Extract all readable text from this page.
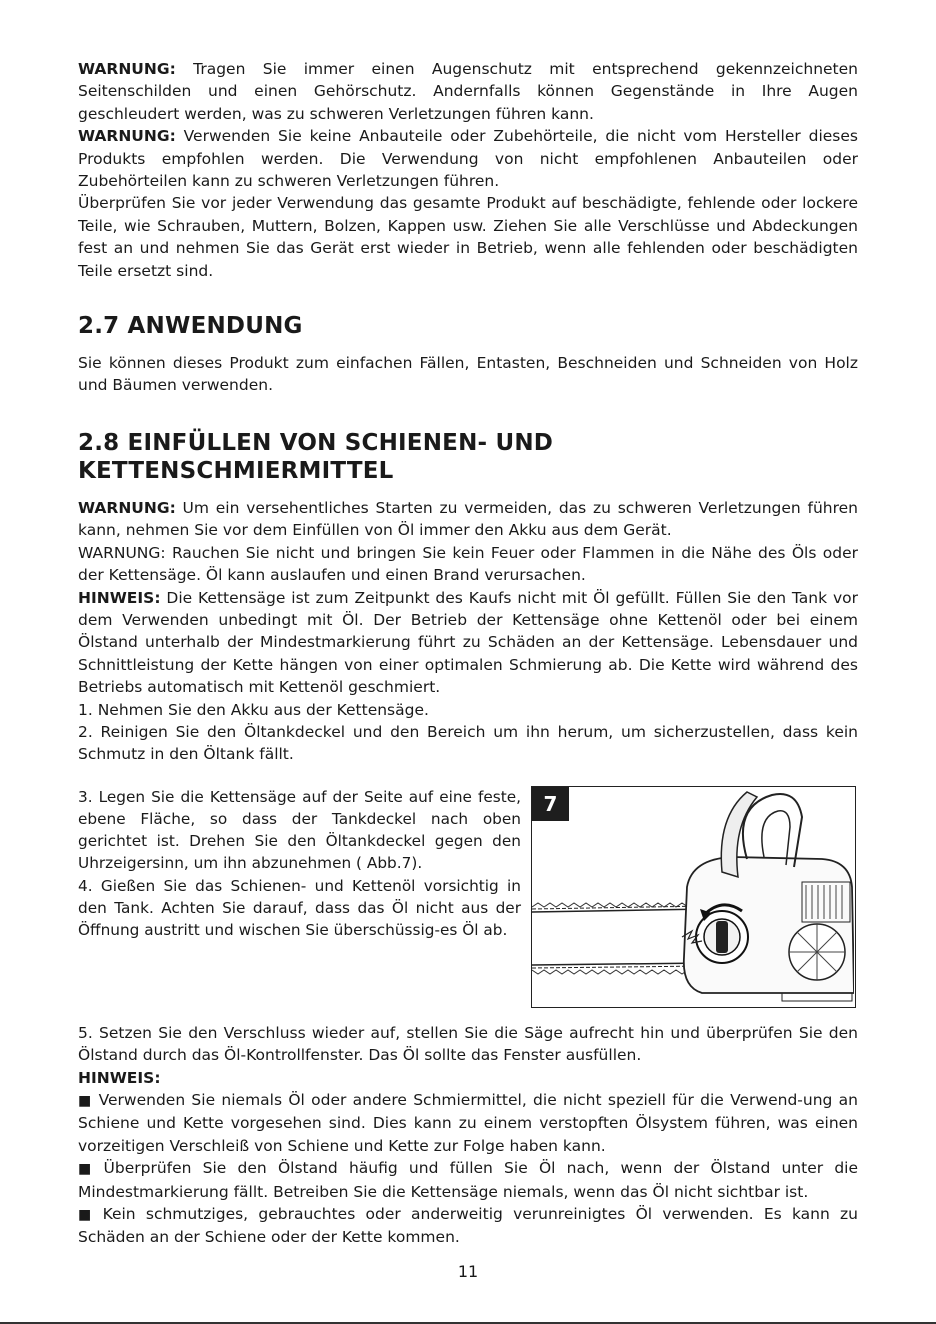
WARNUNG: Tragen Sie immer einen Augenschutz mit entsprechend gekennzeichneten Seitenschilden und einen Gehörschutz. Andernfalls können Gegenstände in Ihre Augen geschleudert werden, was zu schweren Verletzungen führen kann.

WARNUNG: Verwenden Sie keine Anbauteile oder Zubehörteile, die nicht vom Hersteller dieses Produkts empfohlen werden. Die Verwendung von nicht empfohlenen Anbauteilen oder Zubehörteilen kann zu schweren Verletzungen führen.

Überprüfen Sie vor jeder Verwendung das gesamte Produkt auf beschädigte, fehlende oder lockere Teile, wie Schrauben, Muttern, Bolzen, Kappen usw. Ziehen Sie alle Verschlüsse und Abdeckungen fest an und nehmen Sie das Gerät erst wieder in Betrieb, wenn alle fehlenden oder beschädigten Teile ersetzt sind.

2.7 ANWENDUNG

Sie können dieses Produkt zum einfachen Fällen, Entasten, Beschneiden und Schneiden von Holz und Bäumen verwenden.

2.8 EINFÜLLEN VON SCHIENEN- UND KETTENSCHMIERMITTEL

WARNUNG: Um ein versehentliches Starten zu vermeiden, das zu schweren Verletzungen führen kann, nehmen Sie vor dem Einfüllen von Öl immer den Akku aus dem Gerät.

WARNUNG: Rauchen Sie nicht und bringen Sie kein Feuer oder Flammen in die Nähe des Öls oder der Kettensäge. Öl kann auslaufen und einen Brand verursachen.

HINWEIS: Die Kettensäge ist zum Zeitpunkt des Kaufs nicht mit Öl gefüllt. Füllen Sie den Tank vor dem Verwenden unbedingt mit Öl. Der Betrieb der Kettensäge ohne Kettenöl oder bei einem Ölstand unterhalb der Mindestmarkierung führt zu Schäden an der Kettensäge. Lebensdauer und Schnittleistung der Kette hängen von einer optimalen Schmierung ab. Die Kette wird während des Betriebs automatisch mit Kettenöl geschmiert.

1. Nehmen Sie den Akku aus der Kettensäge.

2. Reinigen Sie den Öltankdeckel und den Bereich um ihn herum, um sicherzustellen, dass kein Schmutz in den Öltank fällt.

3. Legen Sie die Kettensäge auf der Seite auf eine feste, ebene Fläche, so dass der Tankdeckel nach oben gerichtet ist. Drehen Sie den Öltankdeckel gegen den Uhrzeigersinn, um ihn abzunehmen ( Abb.7).

4. Gießen Sie das Schienen- und Kettenöl vorsichtig in den Tank. Achten Sie darauf, dass das Öl nicht aus der Öffnung austritt und wischen Sie überschüssig-es Öl ab.

7

5. Setzen Sie den Verschluss wieder auf, stellen Sie die Säge aufrecht hin und überprüfen Sie den Ölstand durch das Öl-Kontrollfenster. Das Öl sollte das Fenster ausfüllen.

HINWEIS:

■ Verwenden Sie niemals Öl oder andere Schmiermittel, die nicht speziell für die Verwend-ung an Schiene und Kette vorgesehen sind. Dies kann zu einem verstopften Ölsystem führen, was einen vorzeitigen Verschleiß von Schiene und Kette zur Folge haben kann.

■ Überprüfen Sie den Ölstand häufig und füllen Sie Öl nach, wenn der Ölstand unter die Mindestmarkierung fällt. Betreiben Sie die Kettensäge niemals, wenn das Öl nicht sichtbar ist.

■ Kein schmutziges, gebrauchtes oder anderweitig verunreinigtes Öl verwenden. Es kann zu Schäden an der Schiene oder der Kette kommen.

11
